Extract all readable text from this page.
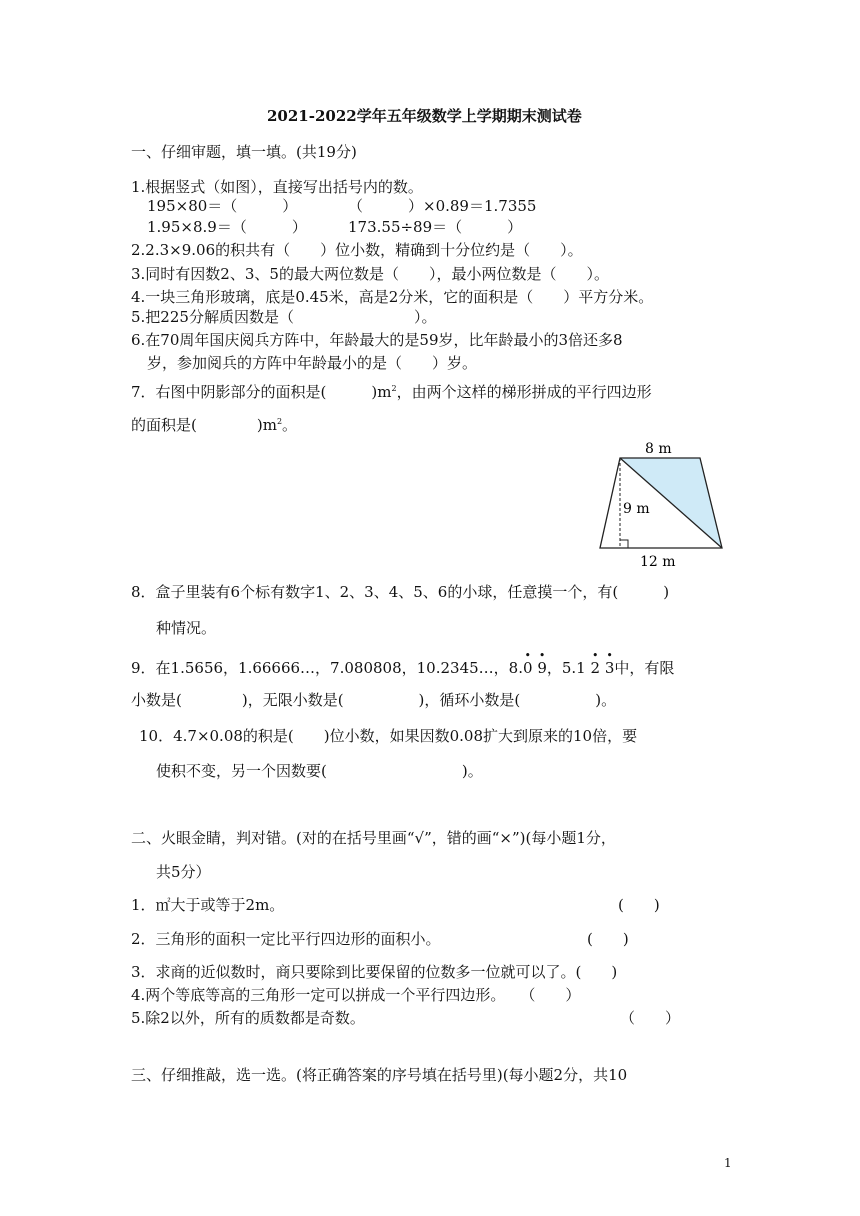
2021-2022学年五年级数学上学期期末测试卷
一、仔细审题，填一填。(共19分)
1.根据竖式（如图），直接写出括号内的数。
195×80＝（　　　）	（　　　）×0.89＝1.7355
1.95×8.9＝（　　　）	173.55÷89＝（　　　）
2.2.3×9.06的积共有（　　）位小数，精确到十分位约是（　　）。
3.同时有因数2、3、5的最大两位数是（　　），最小两位数是（　　）。
4.一块三角形玻璃，底是0.45米，高是2分米，它的面积是（　　）平方分米。
5.把225分解质因数是（　　　　　　　　）。
6.在70周年国庆阅兵方阵中，年龄最大的是59岁，比年龄最小的3倍还多8
岁，参加阅兵的方阵中年龄最小的是（　　）岁。
7．右图中阴影部分的面积是(　　　)$m^2$，由两个这样的梯形拼成的平行四边形
的面积是(　　　　)$m^2$。
8 m
9 m
12 m
8．盒子里装有6个标有数字1、2、3、4、5、6的小球，任意摸一个，有(　　　)
种情况。
9．在1.5656，1.66666…，7.080808，10.2345…，8.• 0 • 9，5.1 • 2 • 3中，有限
小数是(　　　　)，无限小数是(　　　　　)，循环小数是(　　　　　)。
10．4.7×0.08的积是(　　)位小数，如果因数0.08扩大到原来的10倍，要
使积不变，另一个因数要(　　　　　　　　　)。
二、火眼金睛，判对错。(对的在括号里画“√”，错的画“×”)(每小题1分，
共5分）
1．㎡大于或等于2m。	(　　)
2．三角形的面积一定比平行四边形的面积小。	(　　)
3．求商的近似数时，商只要除到比要保留的位数多一位就可以了。(　　)
4.两个等底等高的三角形一定可以拼成一个平行四边形。　　（　　）
5.除2以外，所有的质数都是奇数。	（　　）
三、仔细推敲，选一选。(将正确答案的序号填在括号里)(每小题2分，共10
1
